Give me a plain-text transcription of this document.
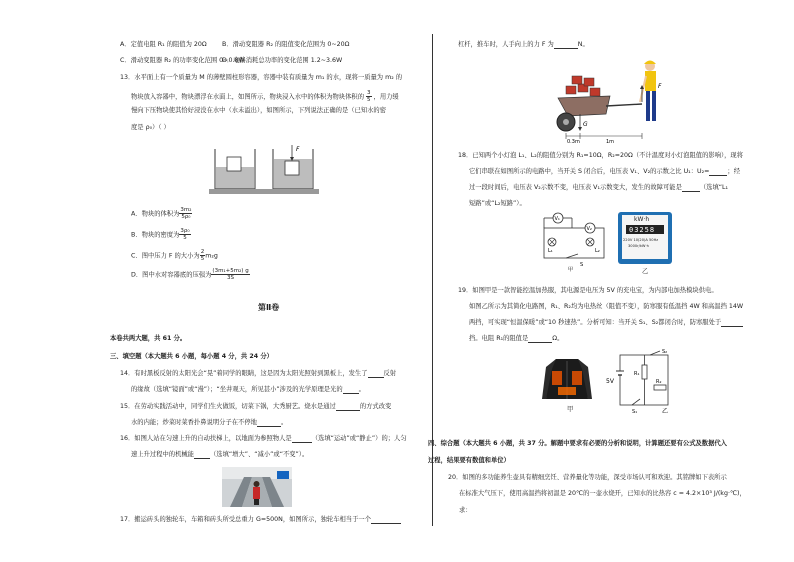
A．定值电阻 R₁ 的阻值为 20Ω B．滑动变阻器 R₂ 的阻值变化范围为 0~20Ω
C．滑动变阻器 R₂ 的功率变化范围 0~0.8W
D．电路消耗总功率的变化范围 1.2~3.6W
13．水平面上有一个质量为 M 的薄壁圆柱形容器，容器中装有质量为 m₁ 的水，现将一质量为 m₂ 的
物块放入容器中，物块漂浮在水面上，如图所示，物块浸入水中的体积为物块体积的 $\frac{3}{5}$ ，用力缓
慢向下压物块使其恰好浸没在水中（水未溢出），如图所示，下列说法正确的是（已知水的密
度是 ρ₀）（ ）
F
A．物块的体积为 $\frac{\text{3m₂}}{\text{5ρ₀}}$
B．物块的密度为 $\frac{\text{3ρ₀}}{5}$
C．图中压力 F 的大小为 $\frac{2}{5} m_2g$
D．图中水对容器底的压强为 $\frac{\text{(3m₁+5m₂) g}}{3S}$
第Ⅱ卷
本卷共两大题，共 61 分。
三、填空题（本大题共 6 小题，每小题 4 分，共 24 分）
14．有时黑板反射的太阳光会“晃”着同学的眼睛，这是因为太阳光照射到黑板上，发生了	反射
的缘故（选填“镜面”或“漫”）；“坐井观天，所见甚小”涉及的光学原理是光的	。
15．在劳动实践活动中，同学们生火做饭，切菜下锅，大秀厨艺。烧水是通过	的方式改变
水的内能；炒菜时菜香扑鼻说明分子在不停地	。
16．如图人站在匀速上升的自动扶梯上，以地面为参照物人是	（选填“运动”或“静止”）的；人匀
速上升过程中的机械能	（选填“增大”、“减小”或“不变”）。
17．搬运砖头的独轮车，车箱和砖头所受总重力 G=500N，如图所示，独轮车相当于一个
杠杆，推车时，人手向上的力 F 为	N。
G
F
0.3m	1m
18．已知两个小灯泡 L₁、L₂的阻值分别为 R₁=10Ω，R₂=20Ω（不计温度对小灯泡阻值的影响），现将
它们串联在如图所示的电路中，当开关 S 闭合后，电压表 V₁、V₂的示数之比 U₁：U₂=	；经
过一段时间后，电压表 V₂示数不变，电压表 V₁示数变大，发生的故障可能是	（选填“L₁
短路”或“L₂短路”）。
V₁
V₂
L₁	L₂
S
甲
kW·h
03258
220V 10(20)A 50Hz
3000r/kW·h
乙
19．如图甲是一款智能控温加热服，其电源是电压为 5V 的充电宝，为内部电加热模块供电。
如图乙所示为其简化电路图，R₁、R₂均为电热丝（阻值不变），防寒服有低温挡 4W 和高温挡 14W
两挡，可实现“恒温保暖”或“10 秒速热”。分析可知：当开关 S₁、S₂都闭合时，防寒服处于
挡。电阻 R₁的阻值是	Ω。
甲
5V
R₁
R₂
S₂
S₁	乙
四、综合题（本大题共 6 小题，共 37 分。解题中要求有必要的分析和说明，计算题还要有公式及数据代入
过程，结果要有数值和单位）
20．如图的多功能养生壶具有精细烹饪、营养量化等功能，深受市场认可和欢迎。其铭牌如下表所示
在标准大气压下，使用高温挡将初温是 20℃的一壶水烧开，已知水的比热容 c = 4.2×10³ J/(kg·℃)，
求：
